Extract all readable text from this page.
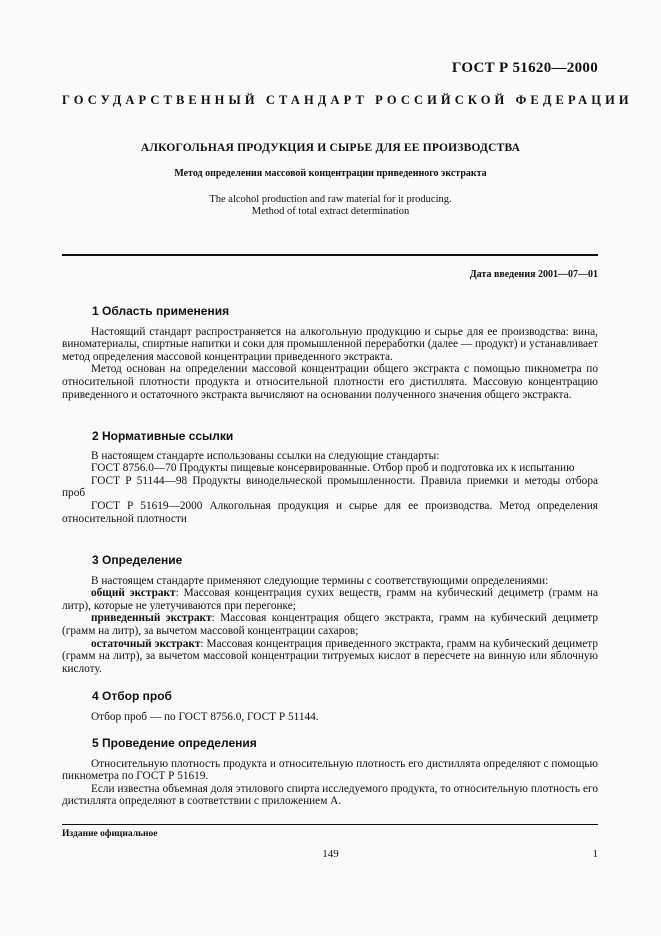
ГОСТ Р 51620—2000
ГОСУДАРСТВЕННЫЙ СТАНДАРТ РОССИЙСКОЙ ФЕДЕРАЦИИ
АЛКОГОЛЬНАЯ ПРОДУКЦИЯ И СЫРЬЕ ДЛЯ ЕЕ ПРОИЗВОДСТВА
Метод определения массовой концентрации приведенного экстракта
The alcohol production and raw material for it producing.
Method of total extract determination
Дата введения 2001—07—01
1 Область применения

Настоящий стандарт распространяется на алкогольную продукцию и сырье для ее производства: вина, виноматериалы, спиртные напитки и соки для промышленной переработки (далее — продукт) и устанавливает метод определения массовой концентрации приведенного экстракта.

Метод основан на определении массовой концентрации общего экстракта с помощью пикнометра по относительной плотности продукта и относительной плотности его дистиллята. Массовую концентрацию приведенного и остаточного экстракта вычисляют на основании полученного значения общего экстракта.

2 Нормативные ссылки

В настоящем стандарте использованы ссылки на следующие стандарты:

ГОСТ 8756.0—70 Продукты пищевые консервированные. Отбор проб и подготовка их к испытанию

ГОСТ Р 51144—98 Продукты винодельческой промышленности. Правила приемки и методы отбора проб

ГОСТ Р 51619—2000 Алкогольная продукция и сырье для ее производства. Метод определения относительной плотности

3 Определение

В настоящем стандарте применяют следующие термины с соответствующими определениями:

общий экстракт: Массовая концентрация сухих веществ, грамм на кубический дециметр (грамм на литр), которые не улетучиваются при перегонке;

приведенный экстракт: Массовая концентрация общего экстракта, грамм на кубический дециметр (грамм на литр), за вычетом массовой концентрации сахаров;

остаточный экстракт: Массовая концентрация приведенного экстракта, грамм на кубический дециметр (грамм на литр), за вычетом массовой концентрации титруемых кислот в пересчете на винную или яблочную кислоту.

4 Отбор проб

Отбор проб — по ГОСТ 8756.0, ГОСТ Р 51144.

5 Проведение определения

Относительную плотность продукта и относительную плотность его дистиллята определяют с помощью пикнометра по ГОСТ Р 51619.

Если известна объемная доля этилового спирта исследуемого продукта, то относительную плотность его дистиллята определяют в соответствии с приложением А.

Издание официальное
149	1
